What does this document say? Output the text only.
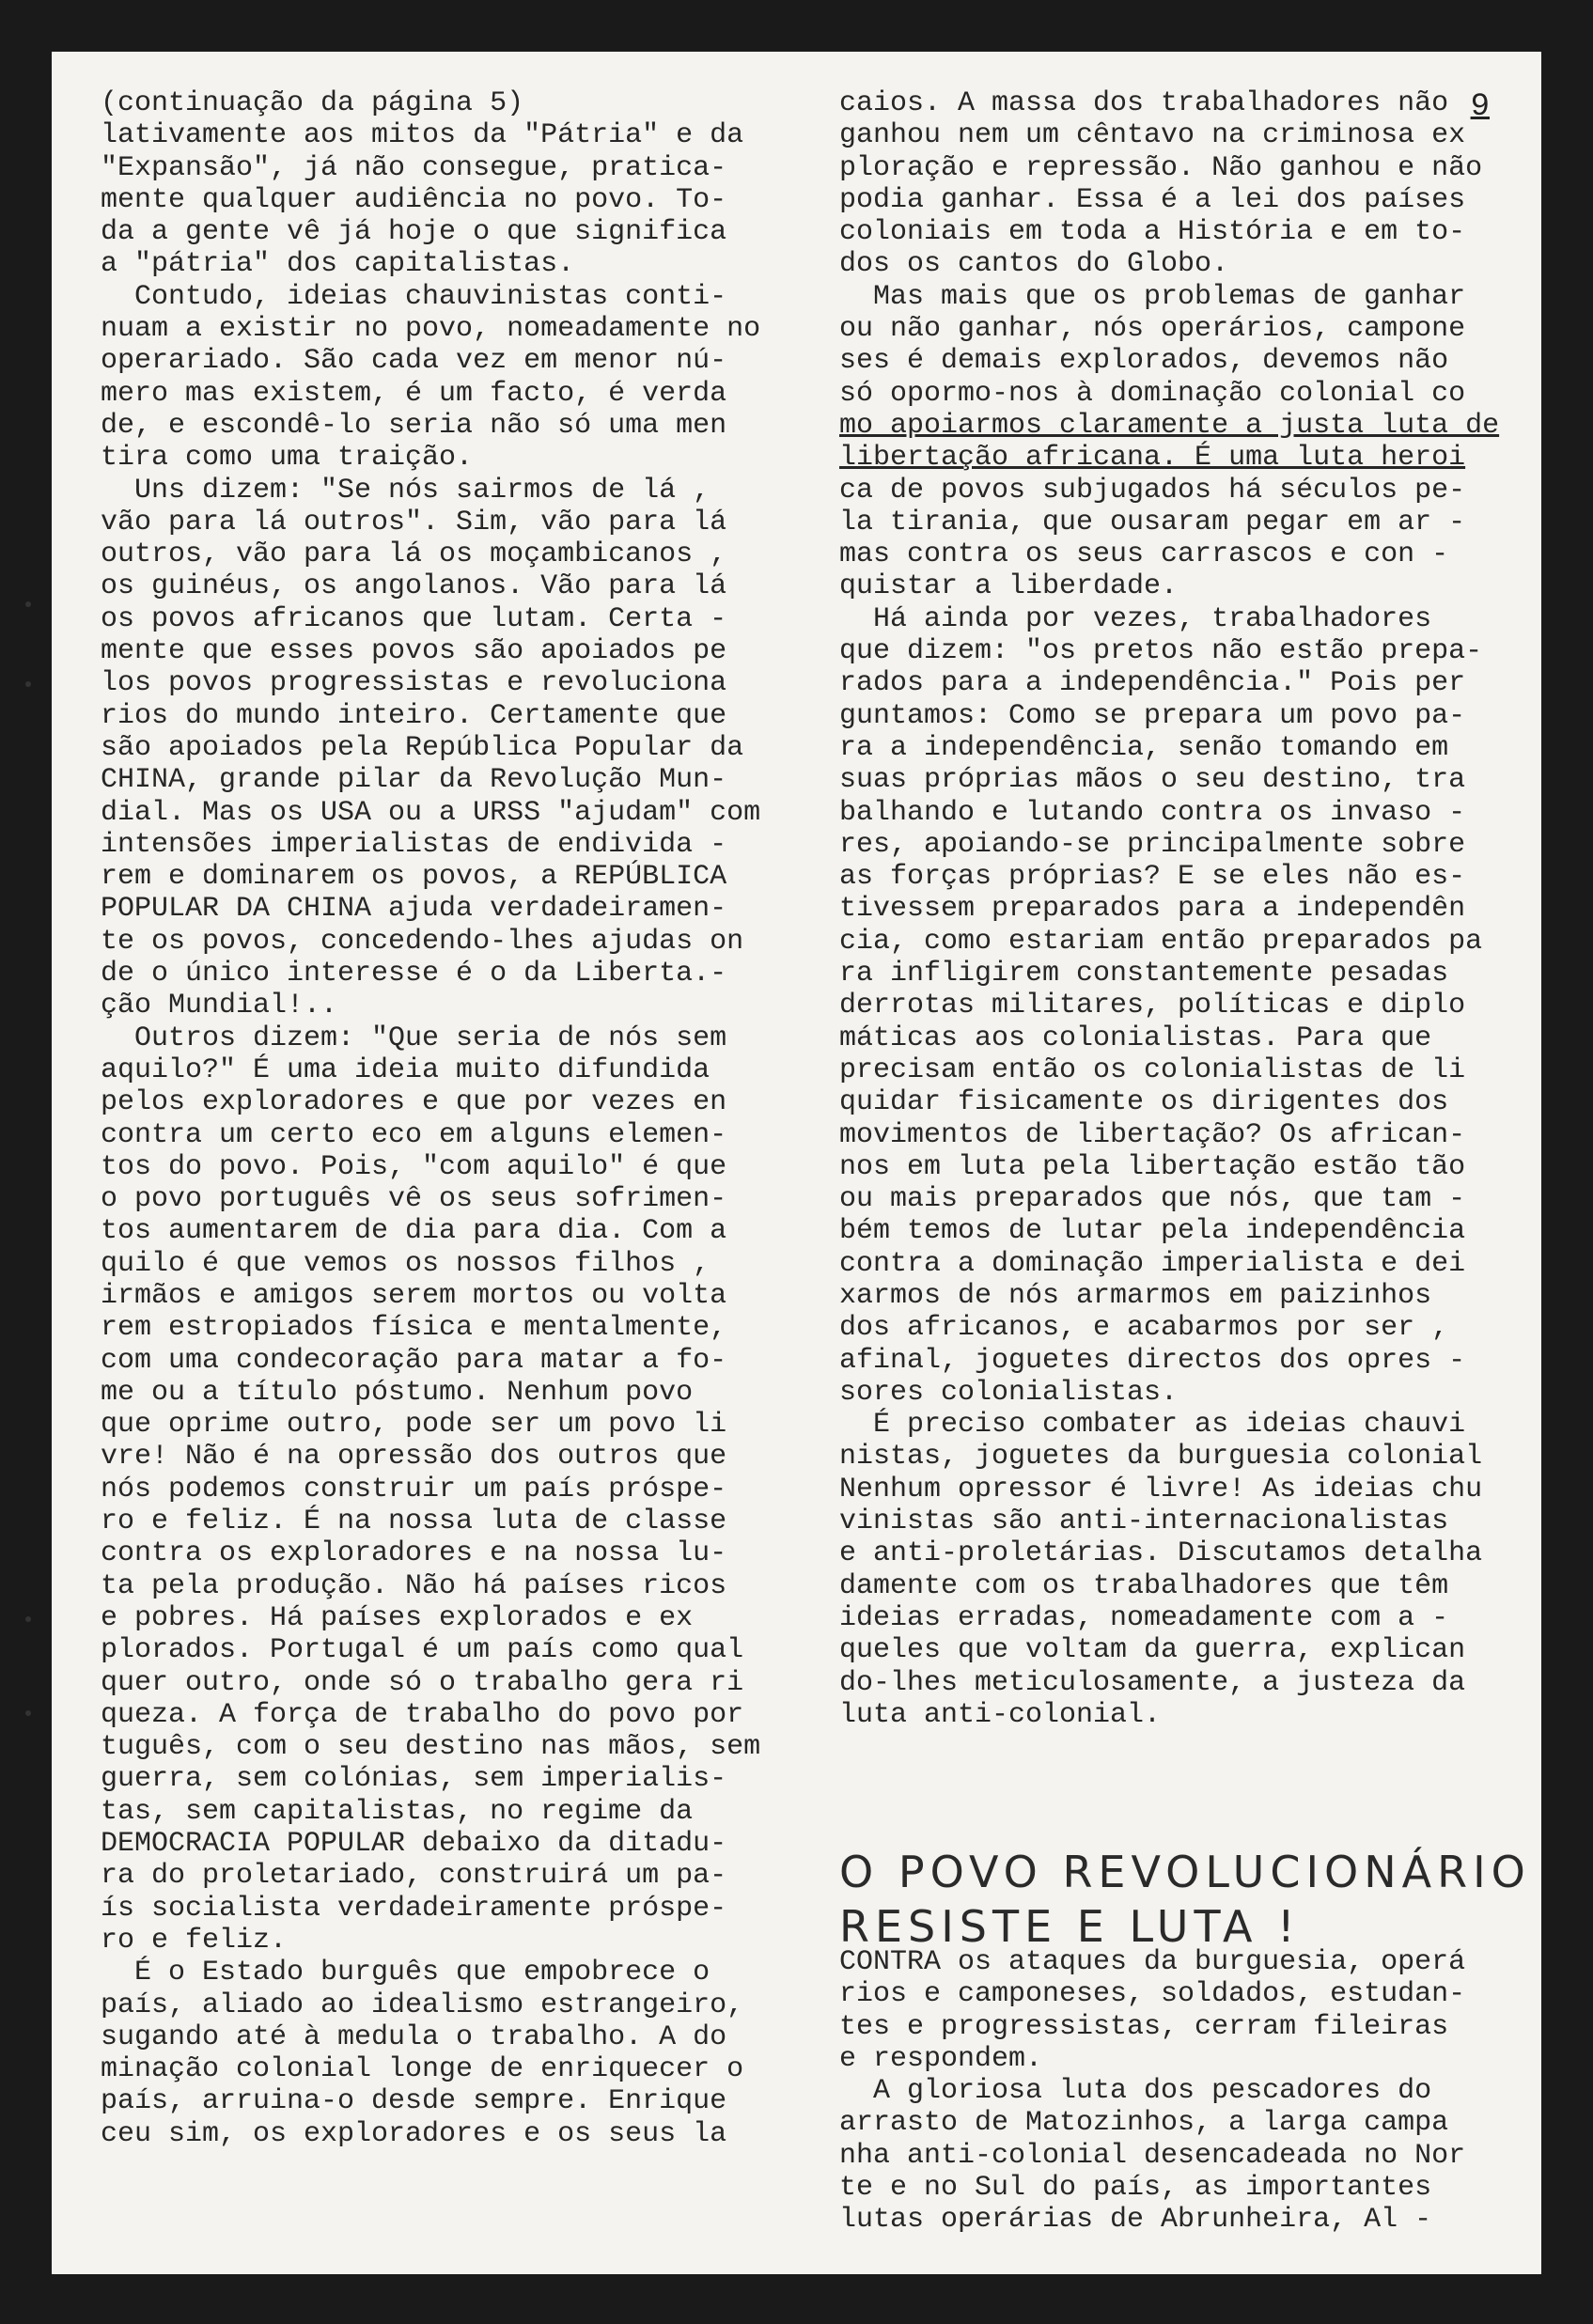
9
(continuação da página 5)
lativamente aos mitos da "Pátria" e da
"Expansão", já não consegue, pratica-
mente qualquer audiência no povo. To-
da a gente vê já hoje o que significa
a "pátria" dos capitalistas.
Contudo, ideias chauvinistas conti-
nuam a existir no povo, nomeadamente no
operariado. São cada vez em menor nú-
mero mas existem, é um facto, é verda
de, e escondê-lo seria não só uma men
tira como uma traição.
Uns dizem: "Se nós sairmos de lá ,
vão para lá outros". Sim, vão para lá
outros, vão para lá os moçambicanos ,
os guinéus, os angolanos. Vão para lá
os povos africanos que lutam. Certa -
mente que esses povos são apoiados pe
los povos progressistas e revoluciona
rios do mundo inteiro. Certamente que
são apoiados pela República Popular da
CHINA, grande pilar da Revolução Mun-
dial. Mas os USA ou a URSS "ajudam" com
intensões imperialistas de endivida -
rem e dominarem os povos, a REPÚBLICA
POPULAR DA CHINA ajuda verdadeiramen-
te os povos, concedendo-lhes ajudas on
de o único interesse é o da Liberta.-
ção Mundial!..
Outros dizem: "Que seria de nós sem
aquilo?" É uma ideia muito difundida
pelos exploradores e que por vezes en
contra um certo eco em alguns elemen-
tos do povo. Pois, "com aquilo" é que
o povo português vê os seus sofrimen-
tos aumentarem de dia para dia. Com a
quilo é que vemos os nossos filhos ,
irmãos e amigos serem mortos ou volta
rem estropiados física e mentalmente,
com uma condecoração para matar a fo-
me ou a título póstumo. Nenhum povo
que oprime outro, pode ser um povo li
vre! Não é na opressão dos outros que
nós podemos construir um país próspe-
ro e feliz. É na nossa luta de classe
contra os exploradores e na nossa lu-
ta pela produção. Não há países ricos
e pobres. Há países explorados e ex
plorados. Portugal é um país como qual
quer outro, onde só o trabalho gera ri
queza. A força de trabalho do povo por
tuguês, com o seu destino nas mãos, sem
guerra, sem colónias, sem imperialis-
tas, sem capitalistas, no regime da
DEMOCRACIA POPULAR debaixo da ditadu-
ra do proletariado, construirá um pa-
ís socialista verdadeiramente próspe-
ro e feliz.
É o Estado burguês que empobrece o
país, aliado ao idealismo estrangeiro,
sugando até à medula o trabalho. A do
minação colonial longe de enriquecer o
país, arruina-o desde sempre. Enrique
ceu sim, os exploradores e os seus la
caios. A massa dos trabalhadores não
ganhou nem um cêntavo na criminosa ex
ploração e repressão. Não ganhou e não
podia ganhar. Essa é a lei dos países
coloniais em toda a História e em to-
dos os cantos do Globo.
Mas mais que os problemas de ganhar
ou não ganhar, nós operários, campone
ses é demais explorados, devemos não
só opormo-nos à dominação colonial co
mo apoiarmos claramente a justa luta de
libertação africana. É uma luta heroi
ca de povos subjugados há séculos pe-
la tirania, que ousaram pegar em ar -
mas contra os seus carrascos e con -
quistar a liberdade.
Há ainda por vezes, trabalhadores
que dizem: "os pretos não estão prepa-
rados para a independência." Pois per
guntamos: Como se prepara um povo pa-
ra a independência, senão tomando em
suas próprias mãos o seu destino, tra
balhando e lutando contra os invaso -
res, apoiando-se principalmente sobre
as forças próprias? E se eles não es-
tivessem preparados para a independên
cia, como estariam então preparados pa
ra infligirem constantemente pesadas
derrotas militares, políticas e diplo
máticas aos colonialistas. Para que
precisam então os colonialistas de li
quidar fisicamente os dirigentes dos
movimentos de libertação? Os african-
nos em luta pela libertação estão tão
ou mais preparados que nós, que tam -
bém temos de lutar pela independência
contra a dominação imperialista e dei
xarmos de nós armarmos em paizinhos
dos africanos, e acabarmos por ser ,
afinal, joguetes directos dos opres -
sores colonialistas.
É preciso combater as ideias chauvi
nistas, joguetes da burguesia colonial
Nenhum opressor é livre! As ideias chu
vinistas são anti-internacionalistas
e anti-proletárias. Discutamos detalha
damente com os trabalhadores que têm
ideias erradas, nomeadamente com a -
queles que voltam da guerra, explican
do-lhes meticulosamente, a justeza da
luta anti-colonial.
O POVO REVOLUCIONÁRIO
RESISTE E LUTA !
CONTRA os ataques da burguesia, operá
rios e camponeses, soldados, estudan-
tes e progressistas, cerram fileiras
e respondem.
A gloriosa luta dos pescadores do
arrasto de Matozinhos, a larga campa
nha anti-colonial desencadeada no Nor
te e no Sul do país, as importantes
lutas operárias de Abrunheira, Al -
